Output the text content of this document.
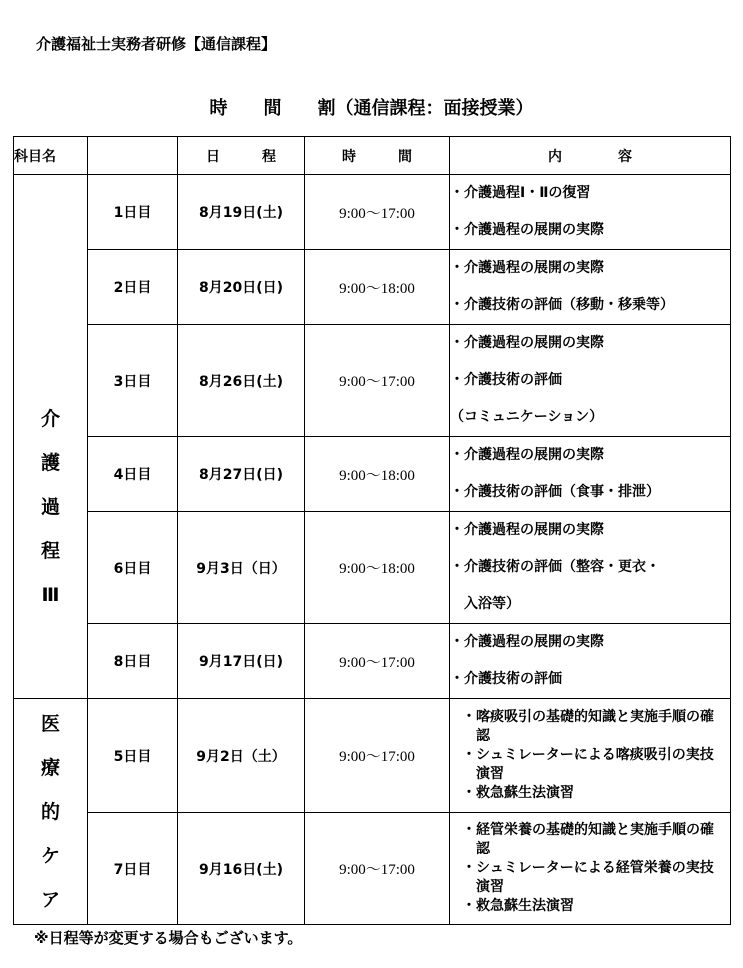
介護福祉士実務者研修【通信課程】
時　　間　　割（通信課程：面接授業）
科目名		日　　　程	時　　　間	内　　　　容

介
護
過
程
Ⅲ	1日目	8月19日(土)	9:00〜17:00	・介護過程Ⅰ・Ⅱの復習
・介護過程の展開の実際

	2日目	8月20日(日)	9:00〜18:00	・介護過程の展開の実際
・介護技術の評価（移動・移乗等）

	3日目	8月26日(土)	9:00〜17:00	・介護過程の展開の実際
・介護技術の評価
（コミュニケーション）

	4日目	8月27日(日)	9:00〜18:00	・介護過程の展開の実際
・介護技術の評価（食事・排泄）

	6日目	9月3日（日）	9:00〜18:00	・介護過程の展開の実際
・介護技術の評価（整容・更衣・
入浴等）

	8日目	9月17日(日)	9:00〜17:00	・介護過程の展開の実際
・介護技術の評価

医
療
的
ケ
ア	5日目	9月2日（土）	9:00〜17:00	・喀痰吸引の基礎的知識と実施手順の確認
・シュミレーターによる喀痰吸引の実技演習
・救急蘇生法演習

	7日目	9月16日(土)	9:00〜17:00	・経管栄養の基礎的知識と実施手順の確認
・シュミレーターによる経管栄養の実技演習
・救急蘇生法演習
※日程等が変更する場合もございます。
